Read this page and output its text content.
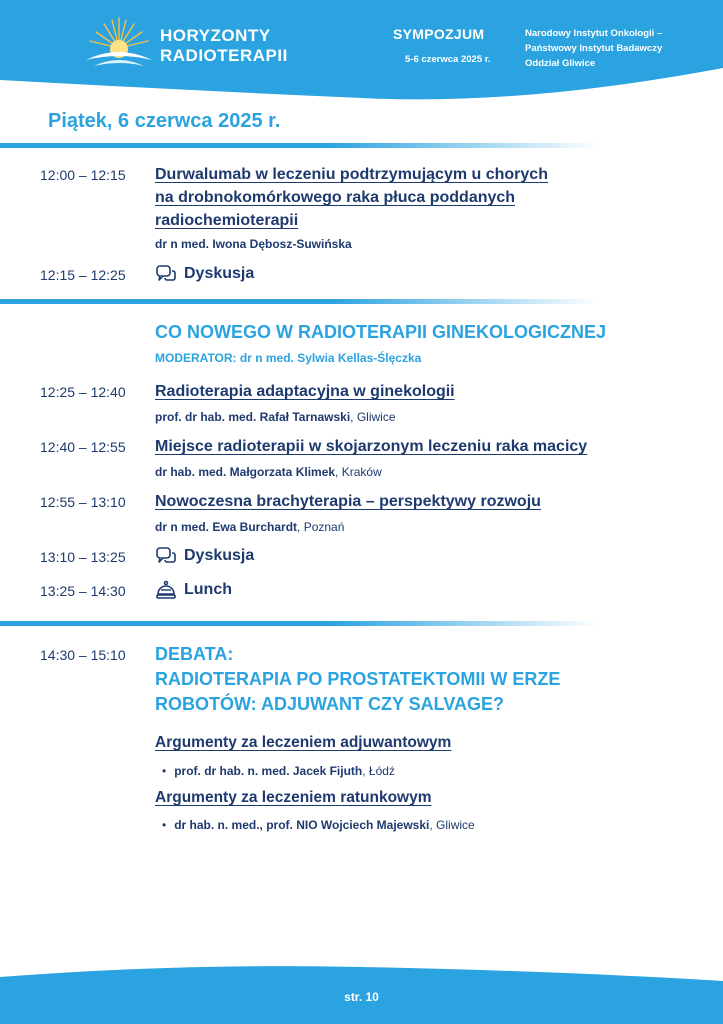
HORYZONTY
RADIOTERAPII
SYMPOZJUM
5-6 czerwca 2025 r.
Narodowy Instytut Onkologii –
Państwowy Instytut Badawczy
Oddział Gliwice
Piątek, 6 czerwca 2025 r.
12:00 – 12:15 Durwalumab w leczeniu podtrzymującym u chorych
na drobnokomórkowego raka płuca poddanych
radiochemioterapii
dr n med. Iwona Dębosz-Suwińska
12:15 – 12:25	Dyskusja
CO NOWEGO W RADIOTERAPII GINEKOLOGICZNEJ
MODERATOR: dr n med. Sylwia Kellas-Ślęczka
12:25 – 12:40 Radioterapia adaptacyjna w ginekologii
prof. dr hab. med. Rafał Tarnawski, Gliwice
12:40 – 12:55 Miejsce radioterapii w skojarzonym leczeniu raka macicy
dr hab. med. Małgorzata Klimek, Kraków
12:55 – 13:10 Nowoczesna brachyterapia – perspektywy rozwoju
dr n med. Ewa Burchardt, Poznań
13:10 – 13:25	Dyskusja
13:25 – 14:30	Lunch
14:30 – 15:10 DEBATA:
RADIOTERAPIA PO PROSTATEKTOMII W ERZE
ROBOTÓW: ADJUWANT CZY SALVAGE?
Argumenty za leczeniem adjuwantowym
• prof. dr hab. n. med. Jacek Fijuth, Łódź
Argumenty za leczeniem ratunkowym
• dr hab. n. med., prof. NIO Wojciech Majewski, Gliwice
str. 10
